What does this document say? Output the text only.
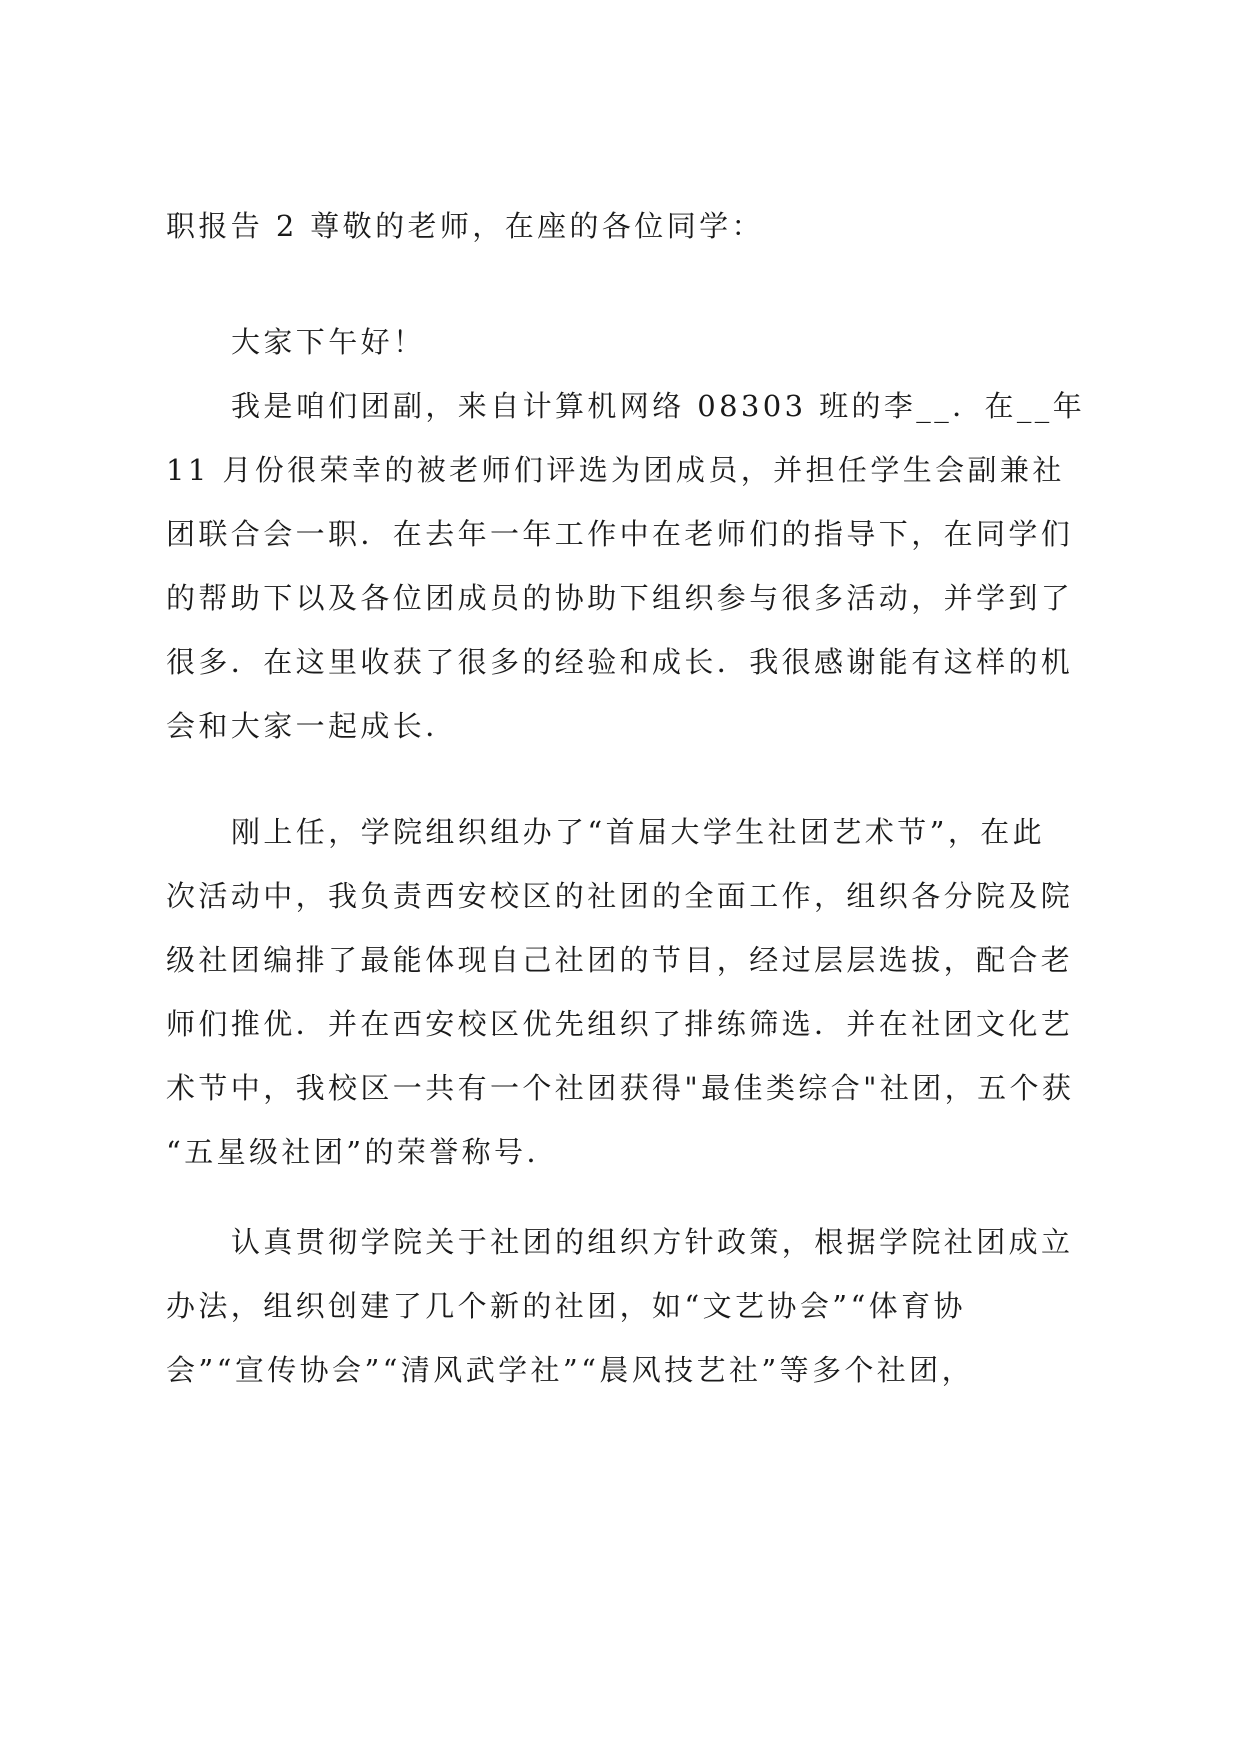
职报告 2 尊敬的老师，在座的各位同学：
大家下午好！
我是咱们团副，来自计算机网络 08303 班的李__．在__年
11 月份很荣幸的被老师们评选为团成员，并担任学生会副兼社
团联合会一职．在去年一年工作中在老师们的指导下，在同学们
的帮助下以及各位团成员的协助下组织参与很多活动，并学到了
很多．在这里收获了很多的经验和成长．我很感谢能有这样的机
会和大家一起成长．
刚上任，学院组织组办了“首届大学生社团艺术节”，在此
次活动中，我负责西安校区的社团的全面工作，组织各分院及院
级社团编排了最能体现自己社团的节目，经过层层选拔，配合老
师们推优．并在西安校区优先组织了排练筛选．并在社团文化艺
术节中，我校区一共有一个社团获得"最佳类综合"社团，五个获
“五星级社团”的荣誉称号．
认真贯彻学院关于社团的组织方针政策，根据学院社团成立
办法，组织创建了几个新的社团，如“文艺协会”“体育协
会”“宣传协会”“清风武学社”“晨风技艺社”等多个社团，
